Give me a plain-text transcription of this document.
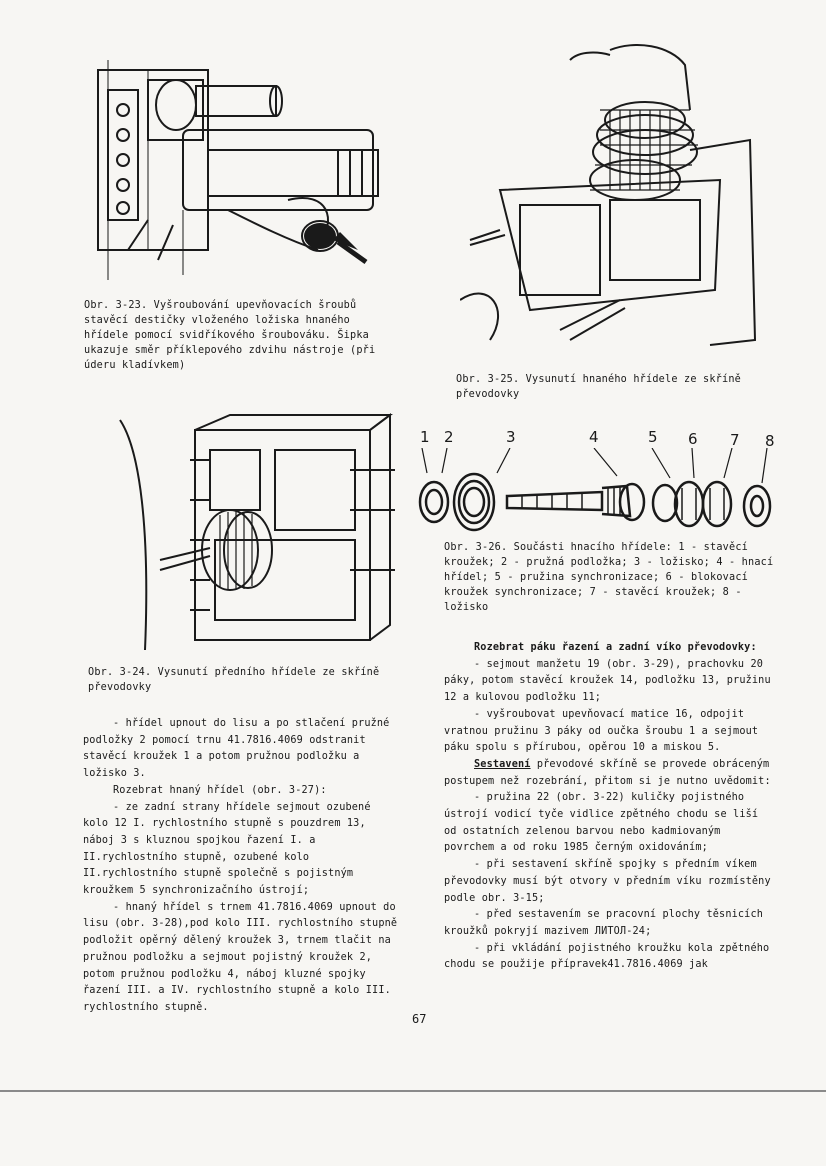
Obr. 3-23. Vyšroubování upevňovacích šroubů stavěcí destičky vloženého ložiska hnaného hřídele pomocí svidříkového šroubováku. Šipka ukazuje směr příklepového zdvihu nástroje (při úderu kladívkem)
Obr. 3-25. Vysunutí hnaného hřídele ze skříně převodovky
Obr. 3-24. Vysunutí předního hřídele ze skříně převodovky
1 2	3	4	5 6 7 8
Obr. 3-26. Součásti hnacího hřídele: 1 - stavěcí kroužek; 2 - pružná podložka; 3 - ložisko; 4 - hnací hřídel; 5 - pružina synchronizace; 6 - blokovací kroužek synchronizace; 7 - stavěcí kroužek; 8 - ložisko

- hřídel upnout do lisu a po stlačení pružné podložky 2 pomocí trnu 41.7816.4069 odstranit stavěcí kroužek 1 a potom pružnou podložku a ložisko 3.

Rozebrat hnaný hřídel (obr. 3-27):

- ze zadní strany hřídele sejmout ozubené kolo 12 I. rychlostního stupně s pouzdrem 13, náboj 3 s kluznou spojkou řazení I. a II.rychlostního stupně, ozubené kolo II.rychlostního stupně společně s pojistným kroužkem 5 synchronizačního ústrojí;

- hnaný hřídel s trnem 41.7816.4069 upnout do lisu (obr. 3-28),pod kolo III. rychlostního stupně podložit opěrný dělený kroužek 3, trnem tlačit na pružnou podložku a sejmout pojistný kroužek 2, potom pružnou podložku 4, náboj kluzné spojky řazení III. a IV. rychlostního stupně a kolo III. rychlostního stupně.

Rozebrat páku řazení a zadní víko převodovky:

- sejmout manžetu 19 (obr. 3-29), prachovku 20 páky, potom stavěcí kroužek 14, podložku 13, pružinu 12 a kulovou podložku 11;

- vyšroubovat upevňovací matice 16, odpojit vratnou pružinu 3 páky od oučka šroubu 1 a sejmout páku spolu s přírubou, opěrou 10 a miskou 5.

Sestavení převodové skříně se provede obráceným postupem než rozebrání, přitom si je nutno uvědomit:

- pružina 22 (obr. 3-22) kuličky pojistného ústrojí vodicí tyče vidlice zpětného chodu se liší od ostatních zelenou barvou nebo kadmiovaným povrchem a od roku 1985 černým oxidováním;

- při sestavení skříně spojky s předním víkem převodovky musí být otvory v předním víku rozmístěny podle obr. 3-15;

- před sestavením se pracovní plochy těsnicích kroužků pokryjí mazivem ЛИТОЛ-24;

- při vkládání pojistného kroužku kola zpětného chodu se použije přípravek41.7816.4069 jak

67
